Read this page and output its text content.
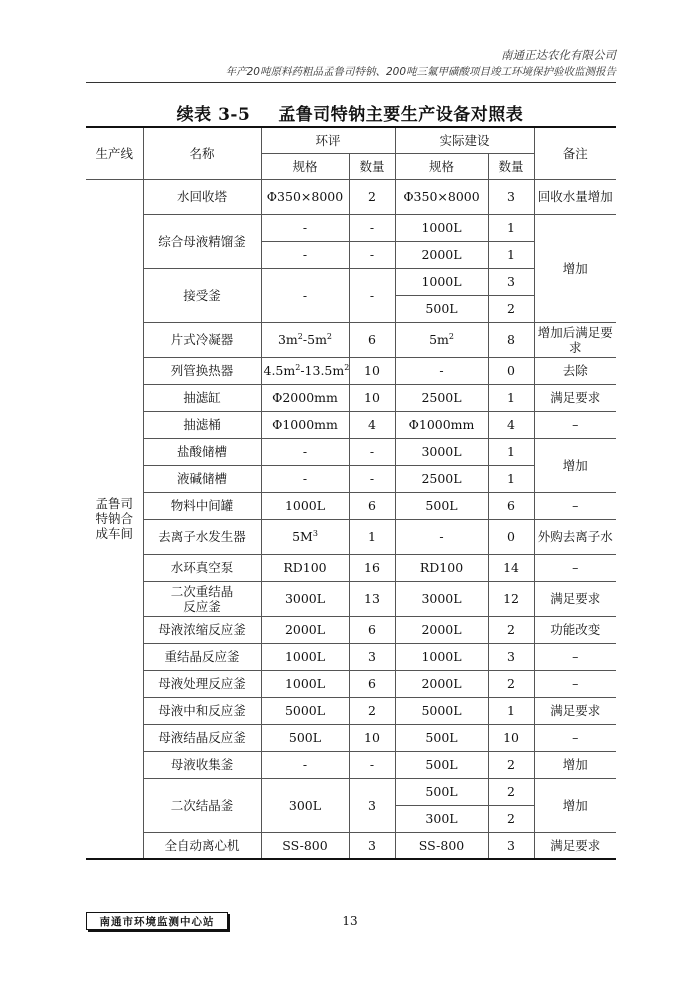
南通正达农化有限公司
年产20吨原料药粗品孟鲁司特钠、200吨三氟甲磺酸项目竣工环境保护验收监测报告
续表 3-5 孟鲁司特钠主要生产设备对照表
生产线	名称	环评		实际建设		备注
		规格	数量	规格	数量	
孟鲁司特钠合成车间	水回收塔	Φ350×8000	2	Φ350×8000	3	回收水量增加
	综合母液精馏釜	-	-	1000L	1	增加
		-	-	2000L	1	
	接受釜	-	-	1000L	3	
				500L	2	
	片式冷凝器	$3m^2-5m^2$	6	$5m^2$	8	增加后满足要求
	列管换热器	$4.5m^2-13.5m^2$	10	-	0	去除
	抽滤缸	Φ2000mm	10	2500L	1	满足要求
	抽滤桶	Φ1000mm	4	Φ1000mm	4	–
	盐酸储槽	-	-	3000L	1	增加
	液碱储槽	-	-	2500L	1	
	物料中间罐	1000L	6	500L	6	–
	去离子水发生器	$5M^3$	1	-	0	外购去离子水
	水环真空泵	RD100	16	RD100	14	–
	二次重结晶反应釜	3000L	13	3000L	12	满足要求
	母液浓缩反应釜	2000L	6	2000L	2	功能改变
	重结晶反应釜	1000L	3	1000L	3	–
	母液处理反应釜	1000L	6	2000L	2	–
	母液中和反应釜	5000L	2	5000L	1	满足要求
	母液结晶反应釜	500L	10	500L	10	–
	母液收集釜	-	-	500L	2	增加
	二次结晶釜	300L	3	500L	2	增加
				300L	2	
	全自动离心机	SS-800	3	SS-800	3	满足要求
南通市环境监测中心站	13
